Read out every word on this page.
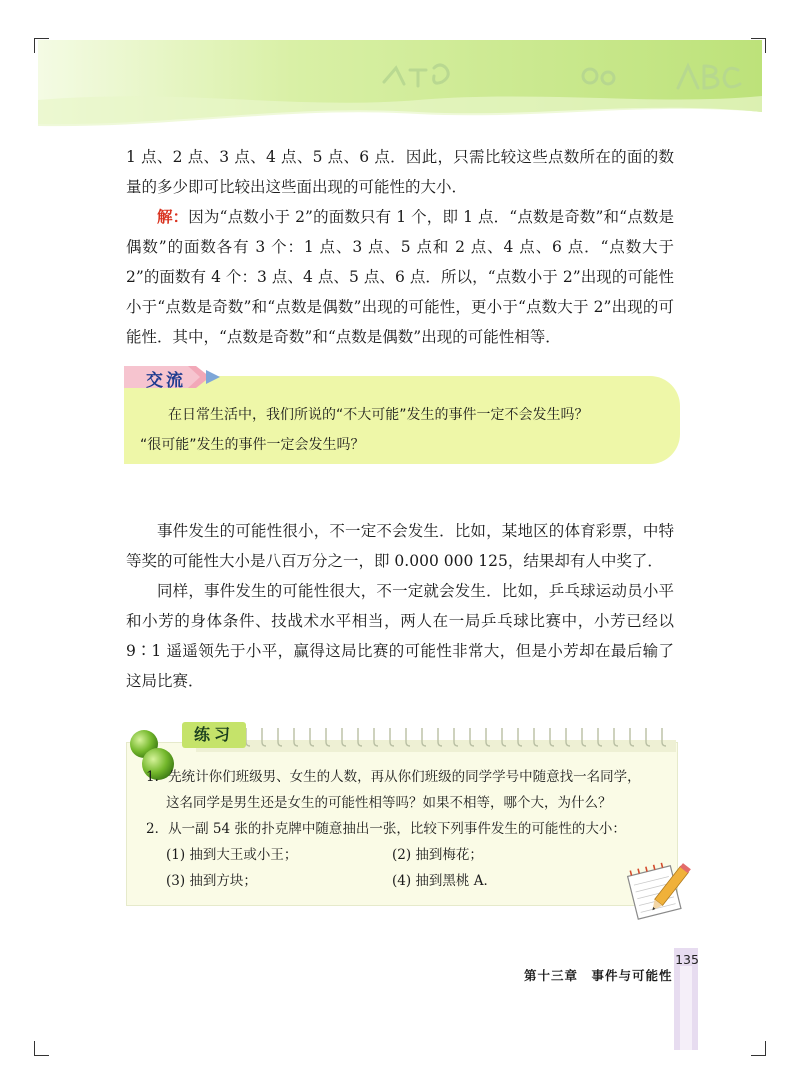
1 点、2 点、3 点、4 点、5 点、6 点．因此，只需比较这些点数所在的面的数量的多少即可比较出这些面出现的可能性的大小．

解：因为“点数小于 2”的面数只有 1 个，即 1 点．“点数是奇数”和“点数是偶数”的面数各有 3 个：1 点、3 点、5 点和 2 点、4 点、6 点．“点数大于 2”的面数有 4 个：3 点、4 点、5 点、6 点．所以，“点数小于 2”出现的可能性小于“点数是奇数”和“点数是偶数”出现的可能性，更小于“点数大于 2”出现的可能性．其中，“点数是奇数”和“点数是偶数”出现的可能性相等．

交流

在日常生活中，我们所说的“不大可能”发生的事件一定不会发生吗？

“很可能”发生的事件一定会发生吗？

事件发生的可能性很小，不一定不会发生．比如，某地区的体育彩票，中特等奖的可能性大小是八百万分之一，即 0.000 000 125，结果却有人中奖了．

同样，事件发生的可能性很大，不一定就会发生．比如，乒乓球运动员小平和小芳的身体条件、技战术水平相当，两人在一局乒乓球比赛中，小芳已经以 9∶1 遥遥领先于小平，赢得这局比赛的可能性非常大，但是小芳却在最后输了这局比赛．

练习

1．先统计你们班级男、女生的人数，再从你们班级的同学学号中随意找一名同学，

这名同学是男生还是女生的可能性相等吗？如果不相等，哪个大，为什么？

2．从一副 54 张的扑克牌中随意抽出一张，比较下列事件发生的可能性的大小：

(1) 抽到大王或小王；	(2) 抽到梅花；
(3) 抽到方块；	(4) 抽到黑桃 A．
第十三章　事件与可能性
135
